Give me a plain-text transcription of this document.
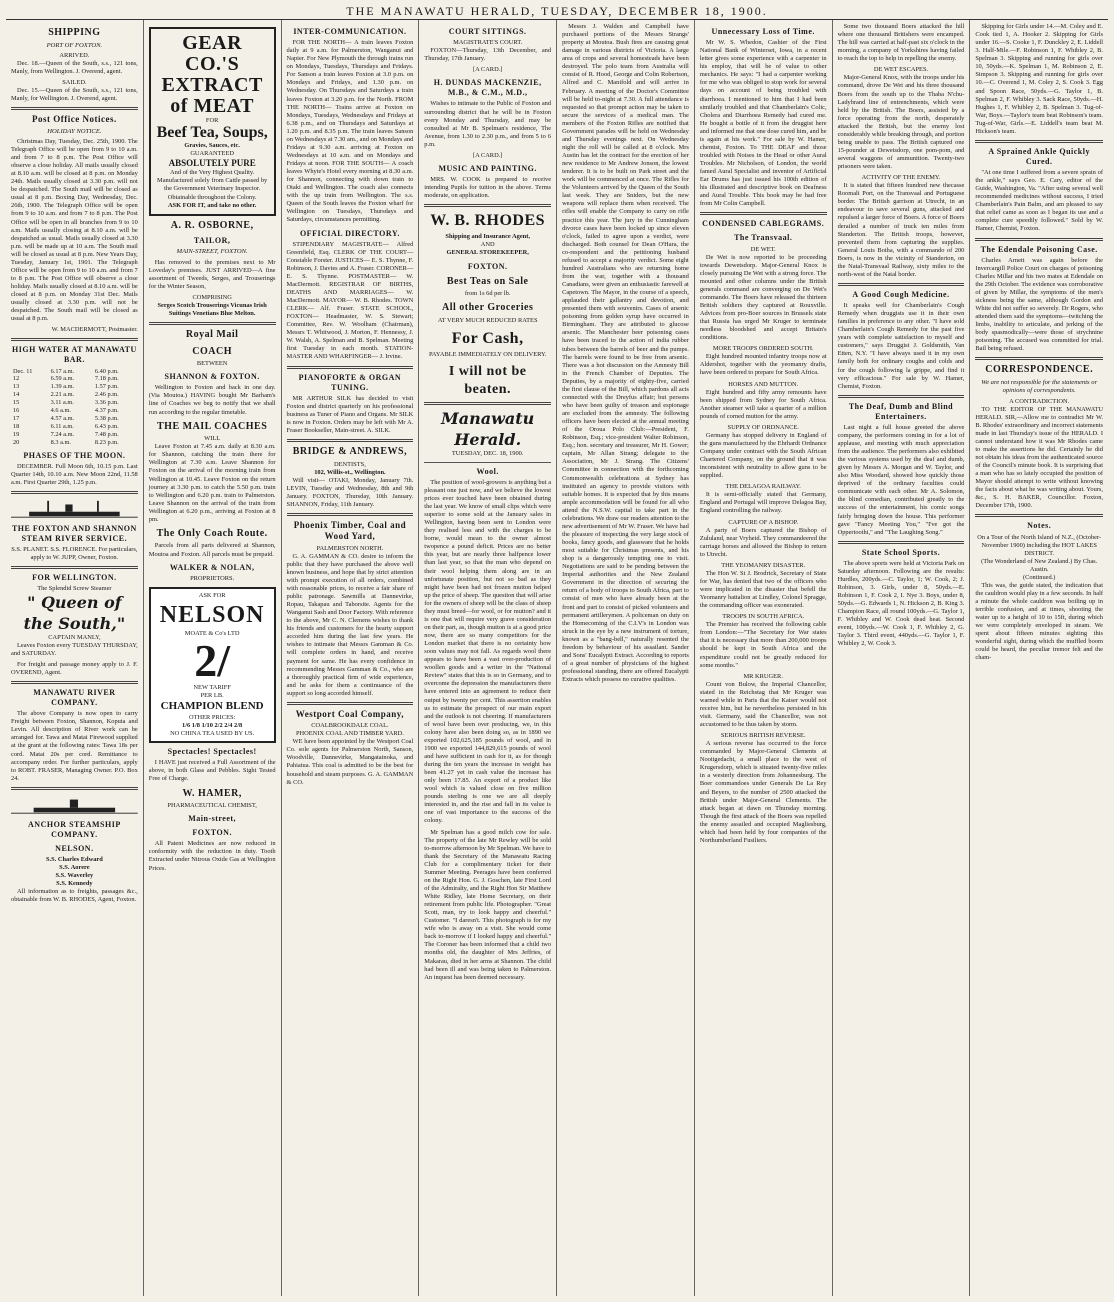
THE MANAWATU HERALD, TUESDAY, DECEMBER 18, 1900.
SHIPPING
PORT OF FOXTON.
ARRIVED.

Dec. 18.—Queen of the South, s.s., 121 tons, Manly, from Wellington. J. Overend, agent.

SAILED.

Dec. 15.—Queen of the South, s.s., 121 tons, Manly, for Wellington. J. Overend, agent.

Post Office Notices.
HOLIDAY NOTICE.

Christmas Day, Tuesday, Dec. 25th, 1900. The Telegraph Office will be open from 9 to 10 a.m. and from 7 to 8 p.m. The Post Office will observe a close holiday. All mails usually closed at 8.10 a.m. will be closed at 8 p.m. on Monday 24th. Mails usually closed at 3.30 p.m. will not be despatched. The South mail will be closed as usual at 8 p.m. Boxing Day, Wednesday, Dec. 26th, 1900. The Telegraph Office will be open from 9 to 10 a.m. and from 7 to 8 p.m. The Post Office will be open in all branches from 9 to 10 a.m. Mails usually closing at 8.10 a.m. will be despatched as usual. Mails usually closed at 3.30 p.m. will be made up at 10 a.m. The South mail will be closed as usual at 8 p.m. New Years Day, Tuesday, January 1st, 1901. The Telegraph Office will be open from 9 to 10 a.m. and from 7 to 8 p.m. The Post Office will observe a close holiday. Mails usually closed at 8.10 a.m. will be closed at 8 p.m. on Monday 31st Dec. Mails usually closed at 3.30 p.m. will not be despatched. The South mail will be closed as usual at 8 p.m.

W. MACDERMOTT, Postmaster.
HIGH WATER AT MANAWATU BAR.
Dec. 11	6.17 a.m.	6.40 p.m.
12	6.59 a.m.	7.18 p.m.
13	1.39 a.m.	1.57 p.m.
14	2.21 a.m.	2.46 p.m.
15	3.11 a.m.	3.36 p.m.
16	4.6 a.m.	4.37 p.m.
17	4.57 a.m.	5.38 p.m.
18	6.11 a.m.	6.43 p.m.
19	7.24 a.m.	7.48 p.m.
20	8.3 a.m.	8.23 p.m.
PHASES OF THE MOON.

DECEMBER. Full Moon 6th, 10.15 p.m. Last Quarter 14th, 10.10 a.m. New Moon 22nd, 11.58 a.m. First Quarter 29th, 1.25 p.m.

THE FOXTON AND SHANNON STEAM RIVER SERVICE.

S.S. PLANET. S.S. FLORENCE. For particulars, apply to W. JUPP, Owner, Foxton.

FOR WELLINGTON.
The Splendid Screw Steamer
" Queen of the South,"
CAPTAIN MANLY,

Leaves Foxton every TUESDAY THURSDAY, and SATURDAY.

For freight and passage money apply to J. F. OVEREND, Agent.

MANAWATU RIVER COMPANY.

The above Company is now open to carry Freight between Foxton, Shannon, Koputa and Levin. All description of River work can be arranged for. Tawa and Matai Firewood supplied at the grant at the following rates: Tawa 18s per cord. Matai 20s per cord. Remittance to accompany order. For further particulars, apply to ROBT. FRASER, Managing Owner. P.O. Box 24.

ANCHOR STEAMSHIP COMPANY.
NELSON.
S.S. Charles Edward
S.S. Aorere
S.S. Waverley
S.S. Kennedy

All information as to freights, passages &c., obtainable from W. B. RHODES, Agent, Foxton.

GEAR CO.'S
EXTRACT of MEAT
FOR
Beef Tea, Soups,
Gravies, Sauces, etc.
GUARANTEED
ABSOLUTELY PURE
And of the Very Highest Quality. Manufactured solely from Cattle passed by the Government Veterinary Inspector. Obtainable throughout the Colony.
ASK FOR IT, and take no other.
A. R. OSBORNE,
TAILOR,
MAIN-STREET, FOXTON.

Has removed to the premises next to Mr Loveday's premises. JUST ARRIVED—A fine assortment of Tweeds, Serges, and Trouserings for the Winter Season,

COMPRISING

Serges Scotch Trouserings Vicunas Irish Suitings Venetians Blue Melton.

Royal Mail
COACH
BETWEEN
SHANNON & FOXTON.

Wellington to Foxton and back in one day. (Via Moutoa.) HAVING bought Mr Barham's line of Coaches we beg to notify that we shall run according to the regular timetable.

THE MAIL COACHES
WILL

Leave Foxton at 7.45 a.m. daily at 8.30 a.m. for Shannon, catching the train there for Wellington at 7.30 a.m. Leave Shannon for Foxton on the arrival of the morning train from Wellington at 10.45. Leave Foxton on the return journey at 3.30 p.m. to catch the 5.50 p.m. train to Wellington and 6.20 p.m. train to Palmerston. Leave Shannon on the arrival of the train from Wellington at 6.20 p.m., arriving at Foxton at 8 pm.

The Only Coach Route.

Parcels from all parts delivered at Shannon, Moutoa and Foxton. All parcels must be prepaid.

WALKER & NOLAN,
PROPRIETORS.
ASK FOR
NELSON
MOATE & Co's LTD
2/
NEW TARIFF
PER LB.
CHAMPION BLEND
OTHER PRICES:
1/6 1/8 1/10 2/2 2/4 2/8
NO CHINA TEA USED BY US.
Spectacles! Spectacles!

I HAVE just received a Full Assortment of the above, in both Glass and Pebbles. Sight Tested Free of Charge.

W. HAMER,
PHARMACEUTICAL CHEMIST,
Main-street,
FOXTON.

All Patent Medicines are now reduced in conformity with the reduction in duty. Tooth Extracted under Nitrous Oxide Gas at Wellington Prices.

INTER-COMMUNICATION.

FOR THE NORTH— A train leaves Foxton daily at 9 a.m. for Palmerston, Wanganui and Napier. For New Plymouth the through trains run on Mondays, Tuesdays, Thursdays and Fridays. For Sanson a train leaves Foxton at 3.0 p.m. on Mondays and Fridays, and 1.30 p.m. on Wednesday. On Thursdays and Saturdays a train leaves Foxton at 3.20 p.m. for the North. FROM THE NORTH— Trains arrive at Foxton on Mondays, Tuesdays, Wednesdays and Fridays at 6.38 p.m., and on Thursdays and Saturdays at 1.20 p.m. and 8.35 p.m. The train leaves Sanson on Wednesdays at 7.30 am., and on Mondays and Fridays at 9.30 a.m. arriving at Foxton on Wednesdays at 10 a.m. and on Mondays and Fridays at noon. FOR THE SOUTH— A coach leaves Whyte's Hotel every morning at 8.30 a.m. for Shannon, connecting with down train to Otaki and Wellington. The coach also connects with the up train from Wellington. The s.s. Queen of the South leaves the Foxton wharf for Wellington on Tuesdays, Thursdays and Saturdays, circumstances permitting.

OFFICIAL DIRECTORY.

STIPENDIARY MAGISTRATE— Alfred Greenfield, Esq. CLERK OF THE COURT— Constable Forster. JUSTICES— E. S. Thynne, F. Robinson, J. Davies and A. Fraser. CORONER— E. S. Thynne. POSTMASTER— W. MacDermott. REGISTRAR OF BIRTHS, DEATHS AND MARRIAGES— W. MacDermott. MAYOR— W. B. Rhodes. TOWN CLERK— Alf. Fraser. STATE SCHOOL, FOXTON— Headmaster, W. S. Stewart; Committee, Rev. W. Woolham (Chairman), Messrs T. Whitwood, J. Morton, F. Hennessy, J. W. Walsh, A. Spelman and B. Spelman. Meeting first Tuesday in each month. STATION-MASTER AND WHARFINGER— J. Irvine.

PIANOFORTE & ORGAN TUNING.

MR ARTHUR SILK has decided to visit Foxton and district quarterly on his professional business as Tuner of Piano and Organs. Mr SILK is now in Foxton. Orders may be left with Mr A. Fraser Bookseller, Main-street. A. SILK.

BRIDGE & ANDREWS,
DENTISTS,
102, Willis-st., Wellington.

Will visit— OTAKI, Monday, January 7th. LEVIN, Tuesday and Wednesday, 8th and 9th January. FOXTON, Thursday, 10th January. SHANNON, Friday, 11th January.

Phoenix Timber, Coal and Wood Yard,
PALMERSTON NORTH.

G. A. GAMMAN & CO. desire to inform the public that they have purchased the above well known business, and hope that by strict attention with prompt execution of all orders, combined with reasonable prices, to receive a fair share of public patronage. Sawmills at Dannevirke, Ropau, Takapau and Taborsite. Agents for the Wanganui Sash and Door Factory. With reference to the above, Mr C. N. Clemens wishes to thank his friends and customers for the hearty support accorded him during the last few years. He wishes to intimate that Messrs Gamman & Co. will complete orders in hand, and receive payment for same. He has every confidence in recommending Messrs Gamman & Co., who are a thoroughly practical firm of wide experience, and he asks for them a continuance of the support so long accorded himself.

Westport Coal Company,
COALBROOKDALE COAL.
PHOENIX COAL AND TIMBER YARD.

WE have been appointed by the Westport Coal Co. sole agents for Palmerston North, Sanson, Woodville, Dannevirke, Mangatainoka, and Pahiatua. This coal is admitted to be the best for household and steam purposes. G. A. GAMMAN & CO.

COURT SITTINGS.
MAGISTRATE'S COURT.

FOXTON—Thursday, 13th December, and Thursday, 17th January.

[A CARD.]
H. DUNDAS MACKENZIE, M.B., & C.M., M.D.,

Wishes to intimate to the Public of Foxton and surrounding district that he will be in Foxton every Monday and Thursday, and may be consulted at Mr B. Spelman's residence, The Avenue, from 1.30 to 2.30 p.m., and from 5 to 6 p.m.

[A CARD.]
MUSIC AND PAINTING.

MRS. W. COOK is prepared to receive intending Pupils for tuition in the above. Terms moderate, on application.

W. B. RHODES
Shipping and Insurance Agent,
AND
GENERAL STOREKEEPER,
FOXTON.
Best Teas on Sale
from 1s 6d per lb.
All other Groceries
AT VERY MUCH REDUCED RATES
For Cash,
PAYABLE IMMEDIATELY ON DELIVERY.
I will not be beaten.
Manawatu Herald.
TUESDAY, DEC. 18, 1900.
Wool.

The position of wool-growers is anything but a pleasant one just now, and we believe the lowest prices ever touched have been obtained during the last year. We know of small clips which were superior to some sold at the January sales in Wellington, having been sent to London were they realised less and with the charges to be borne, would mean to the owner almost twopence a pound deficit. Prices are no better this year, but are nearly three halfpence lower than last year, so that the man who depend on their wool helping them along are in an unfortunate position, but not so bad as they might have been had not frozen mutton helped up the price of sheep. The question that will arise for the owners of sheep will be the class of sheep they must breed—for wool, or for mutton? and it is one that will require very grave consideration on their part, as, though mutton is at a good price now, there are so many competitors for the London market that there is no certainty how soon values may not fall. As regards wool there appears to have been a vast over-production of woollen goods and a writer in the "National Review" states that this is so in Germany, and to overcome the depression the manufacturers there have entered into an agreement to reduce their output by twenty per cent. This assertion enables us to estimate the prospect of our main export and the outlook is not cheering. If manufacturers of wool have been over producing, we, in this colony have also been doing so, as in 1890 we exported 102,625,185 pounds of wool, and in 1900 we exported 144,829,615 pounds of wool and have sufficient in cash for it, as for though during the ten years the increase in weight has been 41.27 yet in cash value the increase has only been 17.85. An export of a product like wool which is valued close on five million pounds sterling is one we are all deeply interested in, and the rise and fall in its value is one of vast importance to the success of the colony.

Mr Spelman has a good milch cow for sale. The property of the late Mr Rewley will be sold to-morrow afternoon by Mr Spelman. We have to thank the Secretary of the Manawatu Racing Club for a complimentary ticket for their Summer Meeting. Peerages have been conferred on the Right Hon. G. J. Goschen, late First Lord of the Admiralty, and the Right Hon Sir Matthew White Ridley, late Home Secretary, on their retirement from public life. Photographer. "Great Scott, man, try to look happy and cheerful." Customer. "I daresn't. This photograph is for my wife who is away on a visit. She would come back to-morrow if I looked happy and cheerful." The Coroner has been informed that a child two months old, the daughter of Mrs Jeffries, of Makarau, died in her arms at Shannon. The child had been ill and was being taken to Palmerston. An inquest has been deemed necessary.

Messrs J. Walden and Campbell have purchased portions of the Messrs Strangs' property at Moutoa. Bush fires are causing great damage in various districts of Victoria. A large area of crops and several homesteads have been destroyed. The polo team from Australia will consist of R. Hood, George and Colin Robertson, Alfred and C. Manifold and will arrive in February. A meeting of the Doctor's Committee will be held to-night at 7.30. A full attendance is requested so that prompt action may be taken to secure the services of a medical man. The members of the Foxton Rifles are notified that Government parades will be held on Wednesday and Thursday evenings next. On Wednesday night the roll will be called at 8 o'clock. Mrs Austin has let the contract for the erection of her new residence to Mr Andrew Jonson, the lowest tenderer. It is to be built on Park street and the work will be commenced at once. The Rifles for the Volunteers arrived by the Queen of the South last week. They are Sniders, but the new weapons will replace them when received. The rifles will enable the Company to carry on rifle practice this year. The jury in the Cunningham divorce cases have been locked up since eleven o'clock, failed to agree upon a verdict, were discharged. Both counsel for Dean O'Hara, the co-respondent and the petitioning husband refused to accept a majority verdict. Some eight hundred Australians who are returning home from the war, together with a thousand Canadians, were given an enthusiastic farewell at Capetown. The Mayor, in the course of a speech, applauded their gallantry and devotion, and presented them with souvenirs. Cases of arsenic poisoning from golden syrup have occurred in Birmingham. They are attributed to glucose arsenic. The Manchester beer poisoning cases have been traced to the action of india rubber tubes between the barrels of beer and the pumps. The barrels were found to be free from arsenic. There was a hot discussion on the Amnesty Bill in the French Chamber of Deputies. The Deputies, by a majority of eighty-five, carried the first clause of the Bill, which pardons all acts connected with the Dreyfus affair; but persons who have been guilty of treason and espionage are excluded from the amnesty. The following officers have been elected at the annual meeting of the Oroua Polo Club:—President, F. Robinson, Esq.; vice-president Walter Robinson, Esq.; hon. secretary and treasurer, Mr H. Gower; captain, Mr Allan Strang; delegate to the Association, Mr J. Strang. The Citizens' Committee in connection with the forthcoming Commonwealth celebrations at Sydney has instituted an agency to provide visitors with suitable homes. It is expected that by this means ample accommodation will be found for all who attend the N.S.W. capital to take part in the celebrations. We draw our readers attention to the new advertisement of Mr W. Fraser. We have had the pleasure of inspecting the very large stock of books, fancy goods, and glassware that he holds most suitable for Christmas presents, and his shop is a dangerously tempting one to visit. Negotiations are said to be pending between the Imperial authorities and the New Zealand Government in the direction of securing the return of a body of troops to South Africa, part to consist of men who have already been at the front and part to consist of picked volunteers and permanent artillerymen. A policeman on duty on the Homecoming of the C.I.V's in London was struck in the eye by a new instrument of torture, known as a "bang-bell," naturally resented the freedom by behaviour of his assailant. Sander and Sons' Eucalypti Extract. According to reports of a great number of physicians of the highest professional standing, there are offered Eucalypti Extracts which possess no curative qualities.

Unnecessary Loss of Time.

Mr W. S. Whedon, Cashier of the First National Bank of Winterset, Iowa, in a recent letter gives some experience with a carpenter in his employ, that will be of value to other mechanics. He says: "I had a carpenter working for me who was obliged to stop work for several days on account of being troubled with diarrhoea. I mentioned to him that I had been similarly troubled and that Chamberlain's Colic, Cholera and Diarrhoea Remedy had cured me. He bought a bottle of it from the druggist here and informed me that one dose cured him, and he is again at his work." For sale by W. Hamer, chemist, Foxton. To THE DEAF and those troubled with Noises in the Head or other Aural Troubles. Mr Nicholson, of London, the world famed Aural Specialist and inventor of Artificial Ear Drums has just issued his 100th edition of his illustrated and descriptive book on Deafness and Aural Trouble. This book may be had free from Mr Colin Campbell.

CONDENSED CABLEGRAMS.
The Transvaal.
DE WET.

De Wet is now reported to be proceeding towards Dewetsdorp. Major-General Knox is closely pursuing De Wet with a strong force. The mounted and other columns under the British generals command are converging on De Wet's commando. The Boers have released the thirteen British soldiers they captured at Rouxville. Advices from pro-Boer sources in Brussels state that Russia has urged Mr Kruger to terminate needless bloodshed and accept Britain's conditions.

MORE TROOPS ORDERED SOUTH.

Eight hundred mounted infantry troops now at Aldershot, together with the yeomanry drafts, have been ordered to prepare for South Africa.

HORSES AND MUTTON.

Eight hundred and fifty army remounts have been shipped from Sydney for South Africa. Another steamer will take a quarter of a million pounds of corned mutton for the army.

SUPPLY OF ORDNANCE.

Germany has stopped delivery in England of the guns manufactured by the Ehrhardt Ordnance Company under contract with the South African Chartered Company, on the ground that it was inconsistent with neutrality to allow guns to be supplied.

THE DELAGOA RAILWAY.

It is semi-officially stated that Germany, England and Portugal will improve Delagoa Bay, England controlling the railway.

CAPTURE OF A BISHOP.

A party of Boers captured the Bishop of Zululand, near Vryheid. They commandeered the carriage horses and allowed the Bishop to return to Utrecht.

THE YEOMANRY DISASTER.

The Hon W. St J. Brodrick, Secretary of State for War, has denied that two of the officers who were implicated in the disaster that befell the Yeomanry battalion at Lindley, Colonel Spragge, the commanding officer was exonerated.

TROOPS IN SOUTH AFRICA.

The Premier has received the following cable from London:—"The Secretary for War states that it is necessary that more than 200,000 troops should be kept in South Africa and the expenditure could not be greatly reduced for some months."

MR KRUGER.

Count von Bulow, the Imperial Chancellor, stated in the Reichstag that Mr Kruger was warned while in Paris that the Kaiser would not receive him, but he nevertheless persisted in his visit. Germany, said the Chancellor, was not accustomed to be thus taken by storm.

SERIOUS BRITISH REVERSE.

A serious reverse has occurred to the force commanded by Major-General Clements at Nooitgedacht, a small place to the west of Krugersdorp, which is situated twenty-five miles in a westerly direction from Johannesburg. The Boer commandoes under Generals De La Rey and Beyers, to the number of 2500 attacked the British under Major-General Clements. The attack began at dawn on Thursday morning. Though the first attack of the Boers was repelled the enemy assailed and occupied Magliesburg, which had been held by four companies of the Northumberland Fusiliers.

Some two thousand Boers attacked the hill where one thousand Britishers were encamped. The hill was carried at half-past six o'clock in the morning, a company of Yorkshires having failed to reach the top to help in repelling the enemy.

DE WET ESCAPES.

Major-General Knox, with the troops under his command, drove De Wet and his three thousand Boers from the south up to the Thaba N'chu-Ladybrand line of entrenchments, which were held by the British. The Boers, assisted by a force operating from the north, desperately attacked the British, but the enemy lost considerably while breaking through, and portion being unable to pass. The British captured one 15-pounder at Dewetsdorp, one pom-pom, and several waggons of ammunition. Twenty-two prisoners were taken.

ACTIVITY OF THE ENEMY.

It is stated that fifteen hundred new thecasse Roomali Port, on the Transvaal and Portuguese border. The British garrison at Utrecht, in an endeavour to save several guns, attacked and repulsed a larger force of Boers. A force of Boers derailed a number of truck ten miles from Standerton. The British troops, however, prevented them from capturing the supplies. General Louis Botha, with a commando of 200 Boers, is now in the vicinity of Standerton, on the Natal-Transvaal Railway, sixty miles to the north-west of the Natal border.

A Good Cough Medicine.

It speaks well for Chamberlain's Cough Remedy when druggists use it in their own families in preference to any other. "I have sold Chamberlain's Cough Remedy for the past five years with complete satisfaction to myself and customers," says Druggist J. Goldsmith, Van Etten, N.Y. "I have always used it in my own family both for ordinary coughs and colds and for the cough following la grippe, and find it very efficacious." For sale by W. Hamer, Chemist, Foxton.

The Deaf, Dumb and Blind Entertainers.

Last night a full house greeted the above company, the performers coming in for a lot of applause, and meeting with much appreciation from the audience. The performers also exhibited the various systems used by the deaf and dumb, given by Messrs A. Morgan and W. Taylor, and also Miss Woodard, showed how quickly those deprived of the ordinary faculties could communicate with each other. Mr A. Solomon, the blind comedian, contributed greatly to the success of the entertainment, his comic songs fairly bringing down the house. This performer gave "Fancy Meeting You," "I've got the Oppertoothi," and "The Laughing Song."

State School Sports.

The above sports were held at Victoria Park on Saturday afternoon. Following are the results: Hurdles, 200yds.—C. Taylor, 1; W. Cook, 2; J. Robinson, 3. Girls, under 8, 50yds.—E. Robinson 1, F. Cook 2, I. Nye 3. Boys, under 8, 50yds.—G. Edwards 1, N. Hickson 2, B. King 3. Champion Race, all round 100yds.—G. Taylor 1, F. Whibley and W. Cook dead heat. Second event, 100yds.—W. Cook 1, F. Whibley 2, G. Taylor 3. Third event, 440yds.—G. Taylor 1, F. Whibley 2, W. Cook 3.

Skipping for Girls under 14.—M. Coley and E. Cook tied 1, A. Hooker 2. Skipping for Girls under 16.—S. Cooke 1, F. Dunckley 2, E. Liddell 3. Half-Mile.—F. Robinson 1, F. Whibley 2, B. Spelman 3. Skipping and running for girls over 10, 50yds.—K. Spelman 1, M. Robinson 2, E. Simpson 3. Skipping and running for girls over 10.—C. Overend 1, M. Coley 2, S. Cook 3. Egg and Spoon Race, 50yds.—G. Taylor 1, B. Spelman 2, F. Whibley 3. Sack Race, 50yds.—H. Hughes 1, F. Whibley 2, B. Spelman 3. Tug-of-War, Boys.—Taylor's team beat Robinson's team. Tug-of-War, Girls.—E. Liddell's team beat M. Hickson's team.

A Sprained Ankle Quickly Cured.

"At one time I suffered from a severe sprain of the ankle," says Geo. E. Cary, editor of the Guide, Washington, Va. "After using several well recommended medicines without success, I tried Chamberlain's Pain Balm, and am pleased to say that relief came as soon as I began its use and a complete cure speedily followed." Sold by W. Hamer, Chemist, Foxton.

The Edendale Poisoning Case.

Charles Arnett was again before the Invercargill Police Court on charges of poisoning Charles Millar and his two mates at Edendale on the 29th October. The evidence was corroborative of given by Millar, the symptoms of the men's sickness being the same, although Gordon and White did not suffer so severely. Dr Rogers, who attended them said the symptoms—twitching the limbs, inability to articulate, and jerking of the body spasmodically—were those of strychnine poisoning. The accused was committed for trial. Bail being refused.

CORRESPONDENCE.
We are not responsible for the statements or opinions of correspondents.
A CONTRADICTION.

TO THE EDITOR OF THE MANAWATU HERALD. SIR,—Allow me to contradict Mr W. B. Rhodes' extraordinary and incorrect statements made in last Thursday's issue of the HERALD. I cannot understand how it was Mr Rhodes came to make the assertions he did. Certainly he did not obtain his ideas from the authenticated source of the Council's minute book. It is surprising that a man who has so lately occupied the position of Mayor should attempt to write without knowing the facts about what he was writing about. Yours, &c., S. H. BAKER, Councillor. Foxton, December 17th, 1900.

Notes.
On a Tour of the North Island of N.Z., (October-November 1900) including the HOT LAKES DISTRICT.
(The Wonderland of New Zealand.) By Chas. Austin.
(Continued.)

This was, the guide stated, the indication that the cauldron would play in a few seconds. In half a minute the whole cauldron was boiling up in terrible confusion, and at times, shooting the water up to a height of 10 to 15ft, during which we were completely enveloped in steam. We spent about fifteen minutes sighting this wonderful sight, during which the muffled boom could be heard, the peculiar tremor felt and the cham-
